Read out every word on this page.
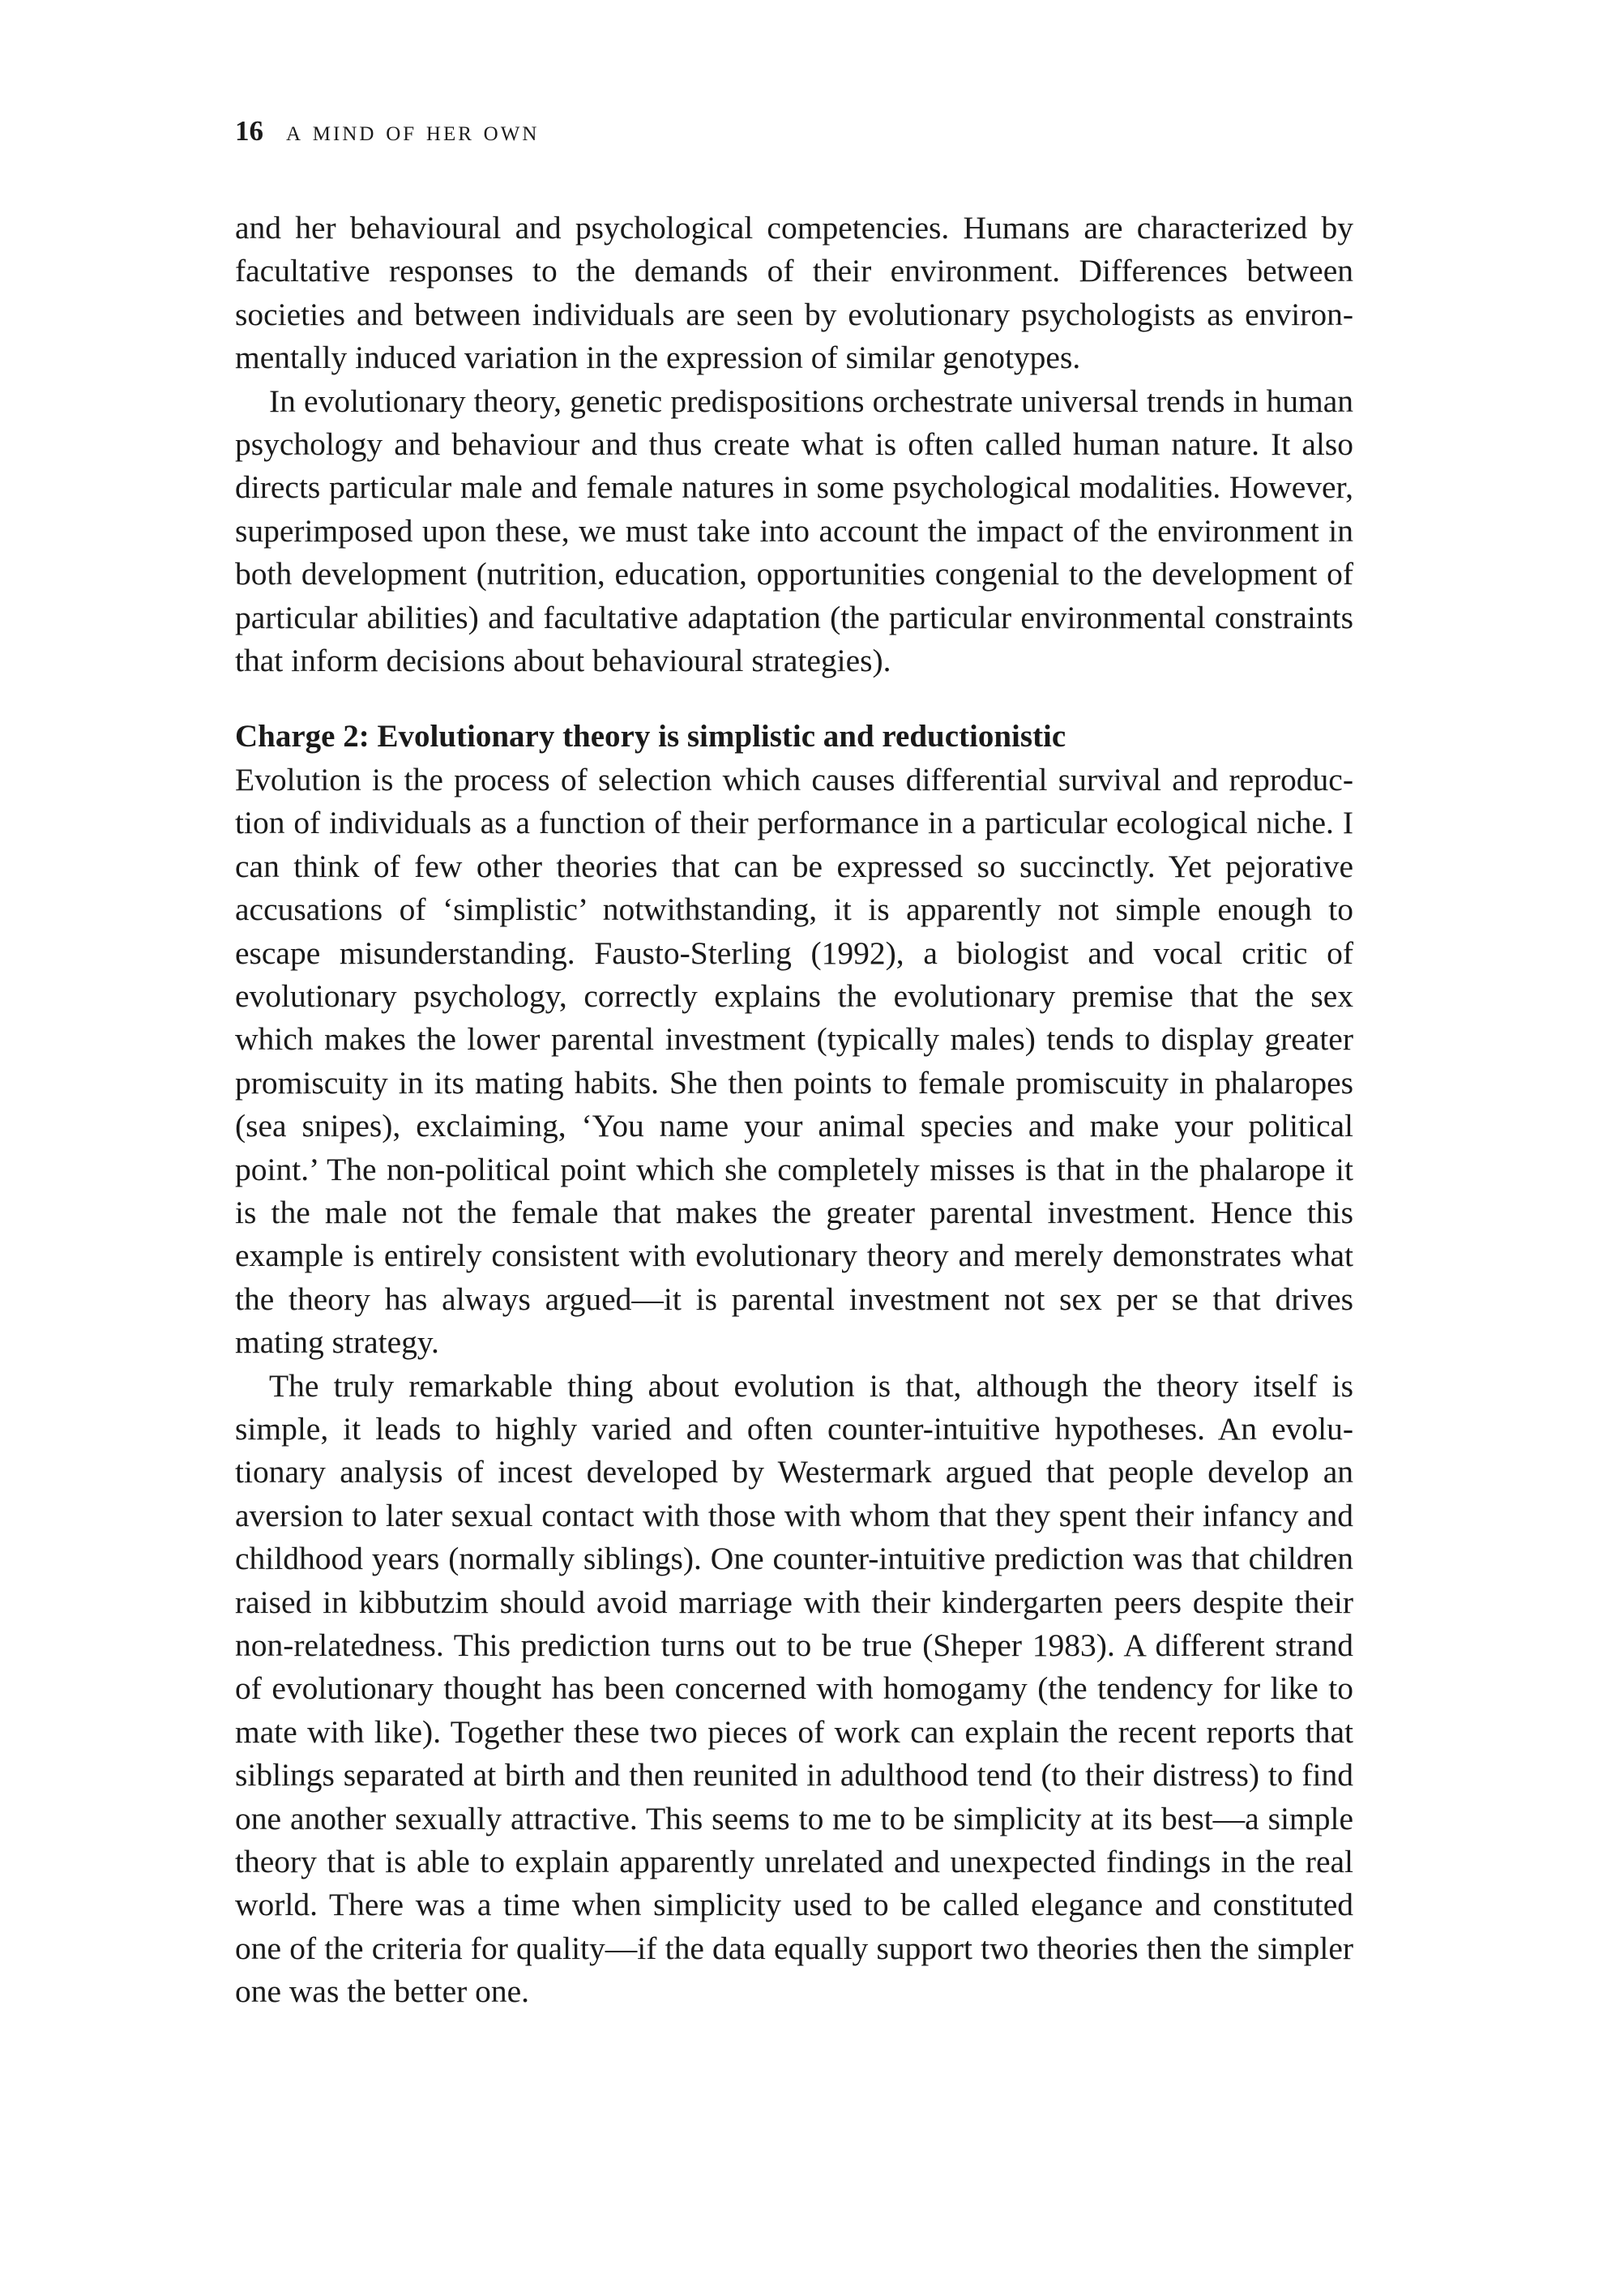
16 a mind of her own

and her behavioural and psychological competencies. Humans are characterized by facultative responses to the demands of their environment. Differences between societies and between individuals are seen by evolutionary psychologists as environmentally induced variation in the expression of similar genotypes.

In evolutionary theory, genetic predispositions orchestrate universal trends in human psychology and behaviour and thus create what is often called human nature. It also directs particular male and female natures in some psychological modalities. However, superimposed upon these, we must take into account the impact of the environment in both development (nutrition, education, opportunities congenial to the development of particular abilities) and facultative adaptation (the particular environmental constraints that inform decisions about behavioural strategies).

Charge 2: Evolutionary theory is simplistic and reductionistic

Evolution is the process of selection which causes differential survival and reproduction of individuals as a function of their performance in a particular ecological niche. I can think of few other theories that can be expressed so succinctly. Yet pejorative accusations of ‘simplistic’ notwithstanding, it is apparently not simple enough to escape misunderstanding. Fausto-Sterling (1992), a biologist and vocal critic of evolutionary psychology, correctly explains the evolutionary premise that the sex which makes the lower parental investment (typically males) tends to display greater promiscuity in its mating habits. She then points to female promiscuity in phalaropes (sea snipes), exclaiming, ‘You name your animal species and make your political point.’ The non-political point which she completely misses is that in the phalarope it is the male not the female that makes the greater parental investment. Hence this example is entirely consistent with evolutionary theory and merely demonstrates what the theory has always argued—it is parental investment not sex per se that drives mating strategy.

The truly remarkable thing about evolution is that, although the theory itself is simple, it leads to highly varied and often counter-intuitive hypotheses. An evolutionary analysis of incest developed by Westermark argued that people develop an aversion to later sexual contact with those with whom that they spent their infancy and childhood years (normally siblings). One counter-intuitive prediction was that children raised in kibbutzim should avoid marriage with their kindergarten peers despite their non-relatedness. This prediction turns out to be true (Sheper 1983). A different strand of evolutionary thought has been concerned with homogamy (the tendency for like to mate with like). Together these two pieces of work can explain the recent reports that siblings separated at birth and then reunited in adulthood tend (to their distress) to find one another sexually attractive. This seems to me to be simplicity at its best—a simple theory that is able to explain apparently unrelated and unexpected findings in the real world. There was a time when simplicity used to be called elegance and constituted one of the criteria for quality—if the data equally support two theories then the simpler one was the better one.
